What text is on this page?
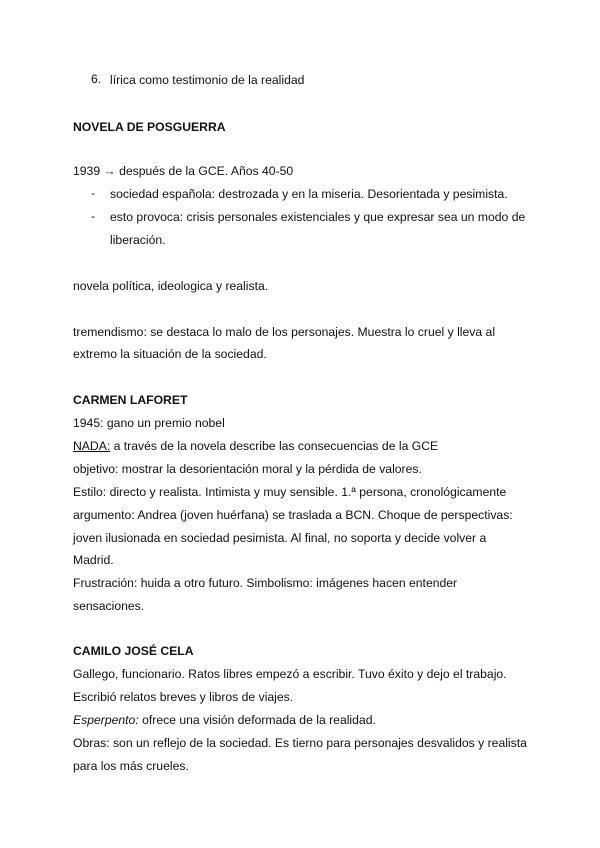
6. lírica como testimonio de la realidad
NOVELA DE POSGUERRA
1939 → después de la GCE. Años 40-50
- sociedad española: destrozada y en la miseria. Desorientada y pesimista.
- esto provoca: crisis personales existenciales y que expresar sea un modo de
liberación.
novela política, ideologica y realista.
tremendismo: se destaca lo malo de los personajes. Muestra lo cruel y lleva al
extremo la situación de la sociedad.
CARMEN LAFORET
1945: gano un premio nobel
NADA: a través de la novela describe las consecuencias de la GCE
objetivo: mostrar la desorientación moral y la pérdida de valores.
Estilo: directo y realista. Intimista y muy sensible. 1.ª persona, cronológicamente
argumento: Andrea (joven huérfana) se traslada a BCN. Choque de perspectivas:
joven ilusionada en sociedad pesimista. Al final, no soporta y decide volver a
Madrid.
Frustración: huida a otro futuro. Simbolismo: imágenes hacen entender
sensaciones.
CAMILO JOSÉ CELA
Gallego, funcionario. Ratos libres empezó a escribir. Tuvo éxito y dejo el trabajo.
Escribió relatos breves y libros de viajes.
Esperpento: ofrece una visión deformada de la realidad.
Obras: son un reflejo de la sociedad. Es tierno para personajes desvalidos y realista
para los más crueles.
